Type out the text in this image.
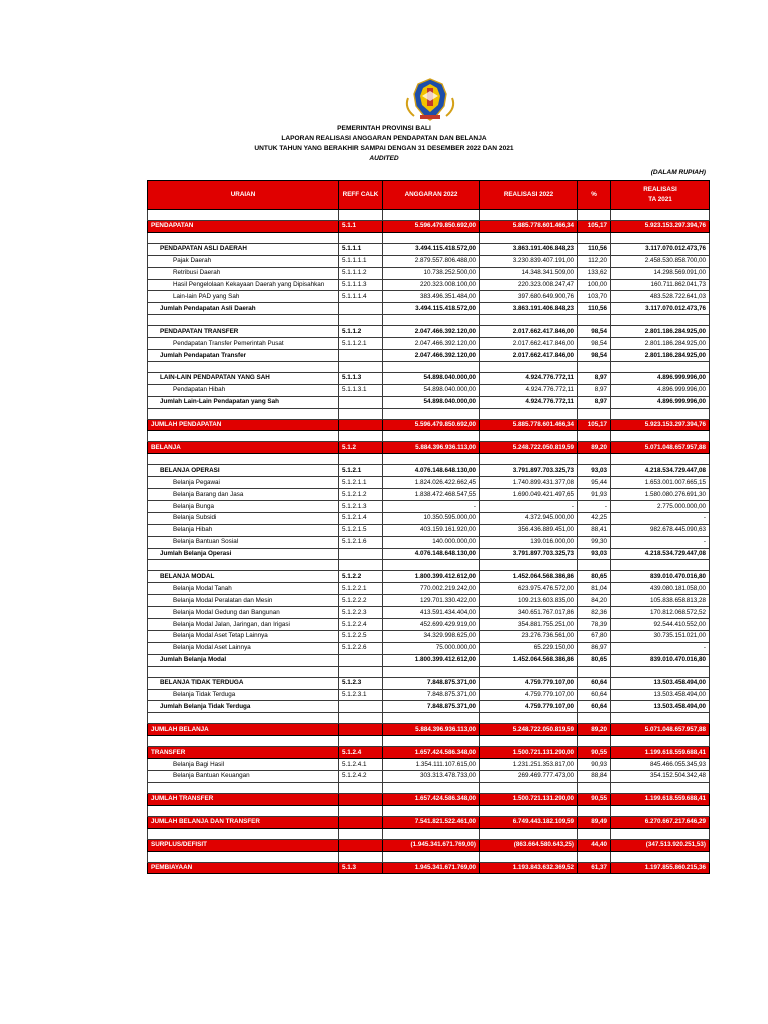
PEMERINTAH PROVINSI BALI
LAPORAN REALISASI ANGGARAN PENDAPATAN DAN BELANJA
UNTUK TAHUN YANG BERAKHIR SAMPAI DENGAN 31 DESEMBER 2022 DAN 2021
AUDITED
(DALAM RUPIAH)
URAIAN	REFF CALK	ANGGARAN 2022	REALISASI 2022	%	REALISASI
TA 2021

PENDAPATAN	5.1.1	5.596.479.850.692,00	5.885.778.601.466,34	105,17	5.923.153.297.394,76

PENDAPATAN ASLI DAERAH	5.1.1.1	3.494.115.418.572,00	3.863.191.406.848,23	110,56	3.117.070.012.473,76
Pajak Daerah	5.1.1.1.1	2.879.557.806.488,00	3.230.839.407.191,00	112,20	2.458.530.858.700,00
Retribusi Daerah	5.1.1.1.2	10.738.252.500,00	14.348.341.509,00	133,62	14.298.569.091,00
Hasil Pengelolaan Kekayaan Daerah yang Dipisahkan	5.1.1.1.3	220.323.008.100,00	220.323.008.247,47	100,00	160.711.862.041,73
Lain-lain PAD yang Sah	5.1.1.1.4	383.496.351.484,00	397.680.649.900,76	103,70	483.528.722.641,03
Jumlah Pendapatan Asli Daerah		3.494.115.418.572,00	3.863.191.406.848,23	110,56	3.117.070.012.473,76

PENDAPATAN TRANSFER	5.1.1.2	2.047.466.392.120,00	2.017.662.417.846,00	98,54	2.801.186.284.925,00
Pendapatan Transfer Pemerintah Pusat	5.1.1.2.1	2.047.466.392.120,00	2.017.662.417.846,00	98,54	2.801.186.284.925,00
Jumlah Pendapatan Transfer		2.047.466.392.120,00	2.017.662.417.846,00	98,54	2.801.186.284.925,00

LAIN-LAIN PENDAPATAN YANG SAH	5.1.1.3	54.898.040.000,00	4.924.776.772,11	8,97	4.896.999.996,00
Pendapatan Hibah	5.1.1.3.1	54.898.040.000,00	4.924.776.772,11	8,97	4.896.999.996,00
Jumlah Lain-Lain Pendapatan yang Sah		54.898.040.000,00	4.924.776.772,11	8,97	4.896.999.996,00

JUMLAH PENDAPATAN		5.596.479.850.692,00	5.885.778.601.466,34	105,17	5.923.153.297.394,76

BELANJA	5.1.2	5.884.396.936.113,00	5.248.722.050.819,59	89,20	5.071.048.657.957,88

BELANJA OPERASI	5.1.2.1	4.076.148.648.130,00	3.791.897.703.325,73	93,03	4.218.534.729.447,08
Belanja Pegawai	5.1.2.1.1	1.824.026.422.662,45	1.740.899.431.377,08	95,44	1.653.001.007.665,15
Belanja Barang dan Jasa	5.1.2.1.2	1.838.472.468.547,55	1.690.049.421.497,65	91,93	1.580.080.276.691,30
Belanja Bunga	5.1.2.1.3	-	-	-	2.775.000.000,00
Belanja Subsidi	5.1.2.1.4	10.350.595.000,00	4.372.945.000,00	42,25	-
Belanja Hibah	5.1.2.1.5	403.159.161.920,00	356.436.889.451,00	88,41	982.678.445.090,63
Belanja Bantuan Sosial	5.1.2.1.6	140.000.000,00	139.016.000,00	99,30	-
Jumlah Belanja Operasi		4.076.148.648.130,00	3.791.897.703.325,73	93,03	4.218.534.729.447,08

BELANJA MODAL	5.1.2.2	1.800.399.412.612,00	1.452.064.568.386,86	80,65	839.010.470.016,80
Belanja Modal Tanah	5.1.2.2.1	770.002.219.242,00	623.975.476.572,00	81,04	439.080.181.058,00
Belanja Modal Peralatan dan Mesin	5.1.2.2.2	129.701.330.422,00	109.213.603.835,00	84,20	105.838.658.813,28
Belanja Modal Gedung dan Bangunan	5.1.2.2.3	413.591.434.404,00	340.651.767.017,86	82,36	170.812.068.572,52
Belanja Modal Jalan, Jaringan, dan Irigasi	5.1.2.2.4	452.699.429.919,00	354.881.755.251,00	78,39	92.544.410.552,00
Belanja Modal Aset Tetap Lainnya	5.1.2.2.5	34.329.998.625,00	23.276.736.561,00	67,80	30.735.151.021,00
Belanja Modal Aset Lainnya	5.1.2.2.6	75.000.000,00	65.229.150,00	86,97	-
Jumlah Belanja Modal		1.800.399.412.612,00	1.452.064.568.386,86	80,65	839.010.470.016,80

BELANJA TIDAK TERDUGA	5.1.2.3	7.848.875.371,00	4.759.779.107,00	60,64	13.503.458.494,00
Belanja Tidak Terduga	5.1.2.3.1	7.848.875.371,00	4.759.779.107,00	60,64	13.503.458.494,00
Jumlah Belanja Tidak Terduga		7.848.875.371,00	4.759.779.107,00	60,64	13.503.458.494,00

JUMLAH BELANJA		5.884.396.936.113,00	5.248.722.050.819,59	89,20	5.071.048.657.957,88

TRANSFER	5.1.2.4	1.657.424.586.348,00	1.500.721.131.290,00	90,55	1.199.618.559.688,41
Belanja Bagi Hasil	5.1.2.4.1	1.354.111.107.615,00	1.231.251.353.817,00	90,93	845.466.055.345,93
Belanja Bantuan Keuangan	5.1.2.4.2	303.313.478.733,00	269.469.777.473,00	88,84	354.152.504.342,48

JUMLAH TRANSFER		1.657.424.586.348,00	1.500.721.131.290,00	90,55	1.199.618.559.688,41

JUMLAH BELANJA DAN TRANSFER		7.541.821.522.461,00	6.749.443.182.109,59	89,49	6.270.667.217.646,29

SURPLUS/DEFISIT		(1.945.341.671.769,00)	(863.664.580.643,25)	44,40	(347.513.920.251,53)

PEMBIAYAAN	5.1.3	1.945.341.671.769,00	1.193.843.632.369,52	61,37	1.197.855.860.215,36
